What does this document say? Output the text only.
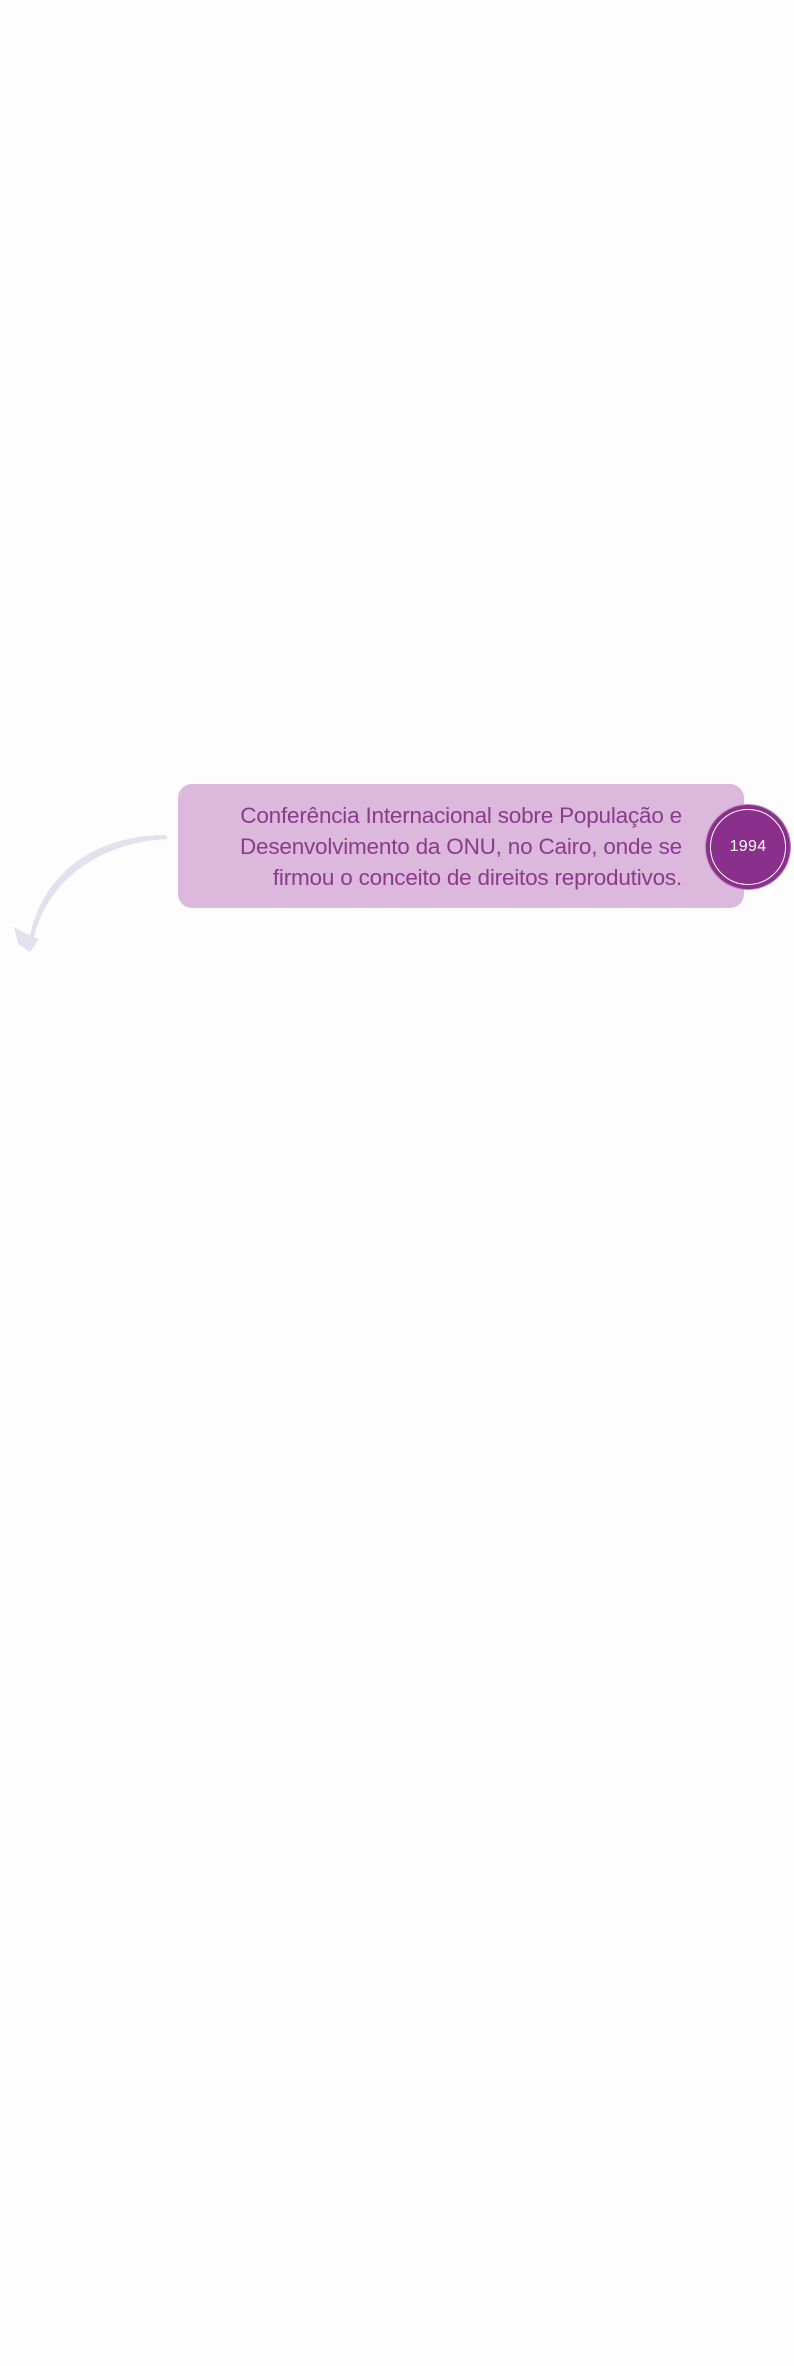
Conferência Internacional sobre População e
Desenvolvimento da ONU, no Cairo, onde se
firmou o conceito de direitos reprodutivos.

1994
